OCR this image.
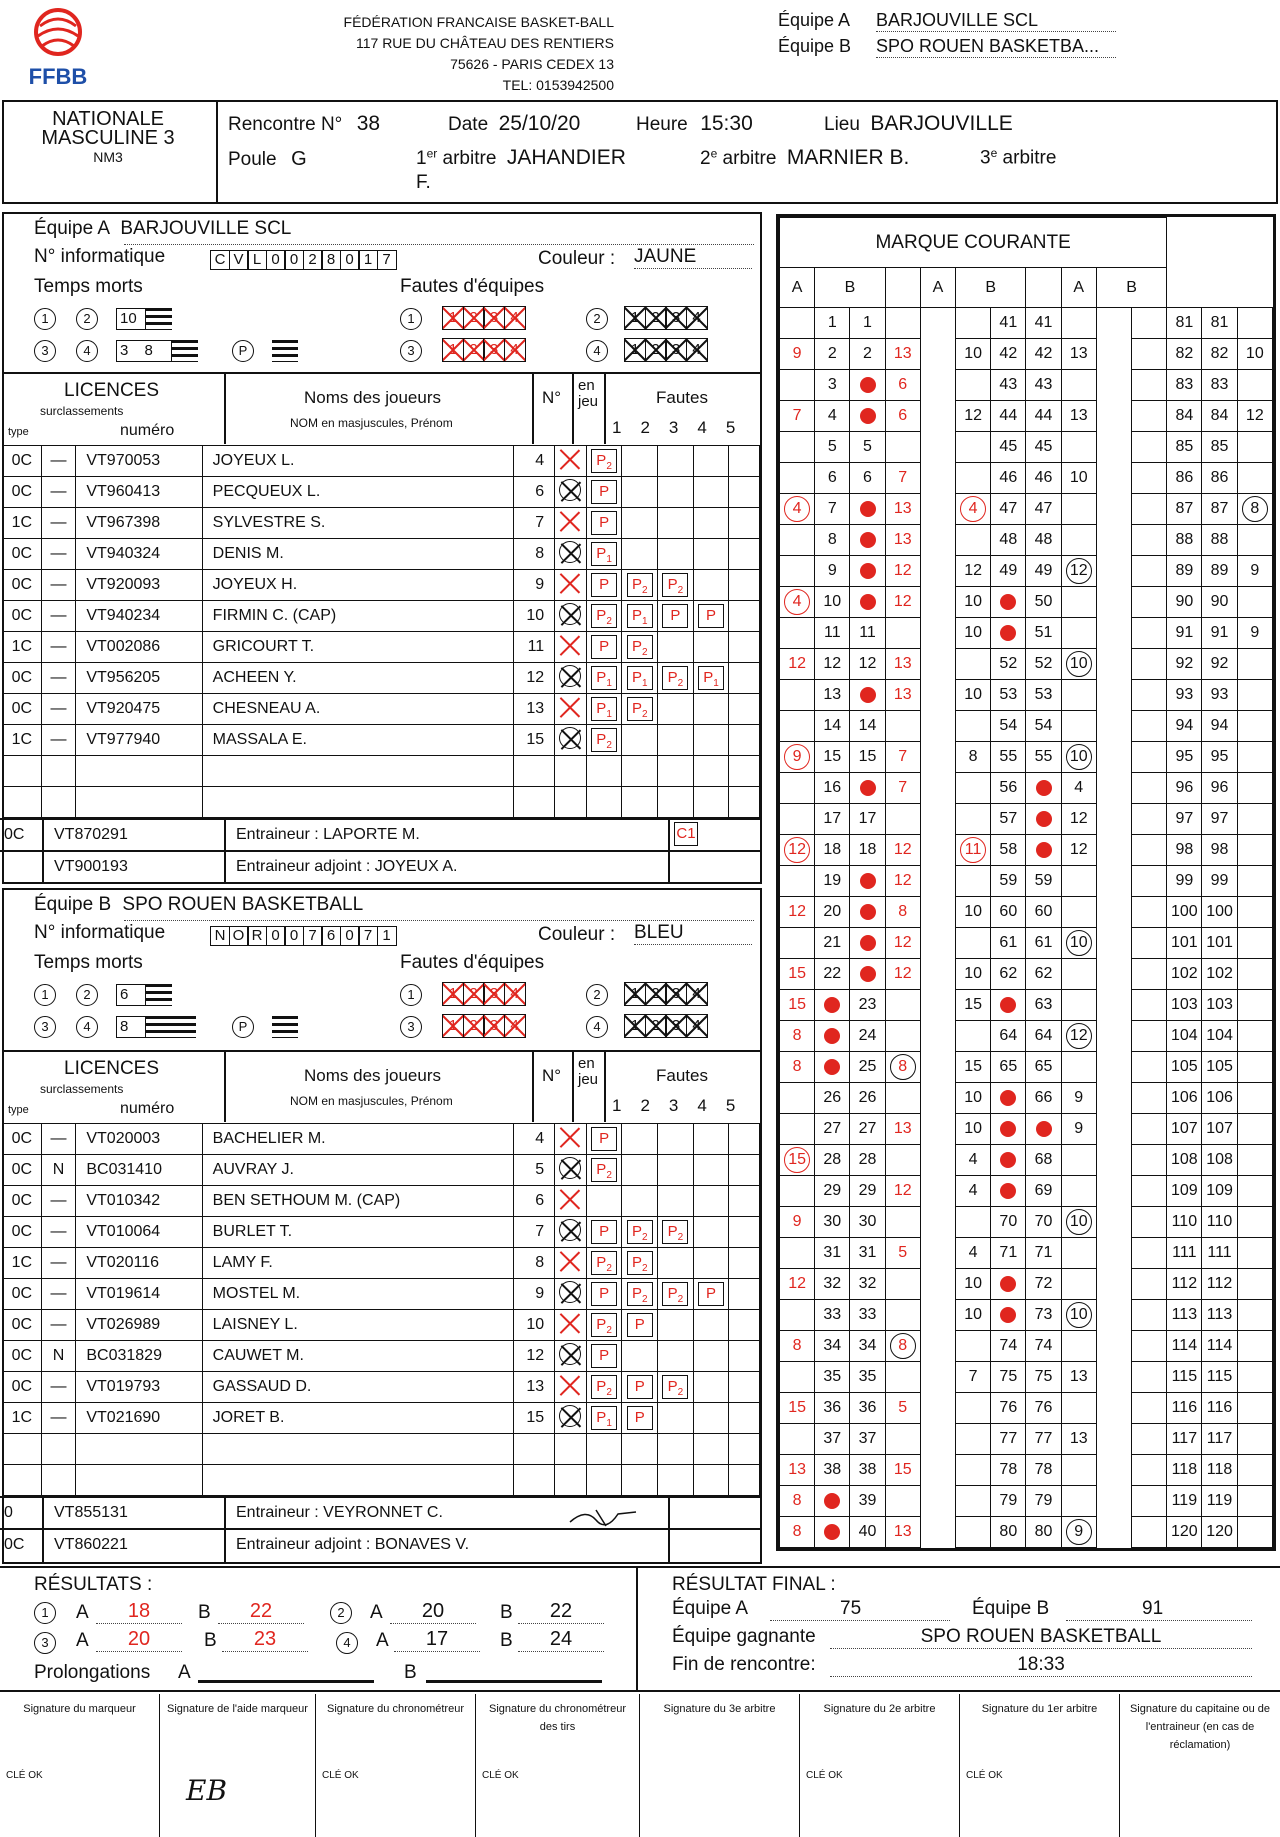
FFBB
FÉDÉRATION FRANCAISE BASKET-BALL
117 RUE DU CHÂTEAU DES RENTIERS
75626 - PARIS CEDEX 13
TEL: 0153942500
Équipe A BARJOUVILLE SCL
Équipe B SPO ROUEN BASKETBA...
NATIONALE
MASCULINE 3
NM3
Rencontre N° 38	Date 25/10/20	Heure 15:30	Lieu BARJOUVILLE
Poule G	1er arbitre JAHANDIER
F.
2e arbitre MARNIER B.	3e arbitre
Équipe A BARJOUVILLE SCL
N° informatique	C V L 0 0 2 8 0 1 7	Couleur : JAUNE
Temps morts	Fautes d'équipes
1	2	10
3	4	3 8	P
1	1 2 3 4	2	1 2 3 4
3	1 2 3 4	4	1 2 3 4
LICENCES
surclassements
type	numéro
Noms des joueurs
NOM en masjuscules, Prénom
N°
en jeu	Fautes
12345
0C	—	VT970053	JOYEUX L.	4		$P_2$				
0C	—	VT960413	PECQUEUX L.	6		P				
1C	—	VT967398	SYLVESTRE S.	7		P				
0C	—	VT940324	DENIS M.	8		$P_1$				
0C	—	VT920093	JOYEUX H.	9		P	$P_2$	$P_2$		
0C	—	VT940234	FIRMIN C. (CAP)	10		$P_2$	$P_1$	P	P	
1C	—	VT002086	GRICOURT T.	11		P	$P_2$			
0C	—	VT956205	ACHEEN Y.	12		$P_1$	$P_1$	$P_2$	$P_1$	
0C	—	VT920475	CHESNEAU A.	13		$P_1$	$P_2$			
1C	—	VT977940	MASSALA E.	15		$P_2$				

0C VT870291	Entraineur : LAPORTE M.	C1
VT900193	Entraineur adjoint : JOYEUX A.
Équipe B SPO ROUEN BASKETBALL
N° informatique	N O R 0 0 7 6 0 7 1	Couleur : BLEU
Temps morts	Fautes d'équipes
1	2	6
3	4	8	P
1	1 2 3 4	2	1 2 3 4
3	1 2 3 4	4	1 2 3 4
LICENCES
surclassements
type	numéro
Noms des joueurs
NOM en masjuscules, Prénom
N°
en jeu	Fautes
12345
0C	—	VT020003	BACHELIER M.	4		P				
0C	N	BC031410	AUVRAY J.	5		$P_2$				
0C	—	VT010342	BEN SETHOUM M. (CAP)	6						
0C	—	VT010064	BURLET T.	7		P	$P_2$	$P_2$		
1C	—	VT020116	LAMY F.	8		$P_2$	$P_2$			
0C	—	VT019614	MOSTEL M.	9		P	$P_2$	$P_2$	P	
0C	—	VT026989	LAISNEY L.	10		$P_2$	P			
0C	N	BC031829	CAUWET M.	12		P				
0C	—	VT019793	GASSAUD D.	13		$P_2$	P	$P_2$		
1C	—	VT021690	JORET B.	15		$P_1$	P			

0	VT855131	Entraineur : VEYRONNET C.
0C VT860221	Entraineur adjoint : BONAVES V.
MARQUE COURANTE													
A	B			A	B			A	B				
	1	1				41	41				81	81	
9	2	2	13		10	42	42	13			82	82	10
	3		6			43	43				83	83	
7	4		6		12	44	44	13			84	84	12
	5	5				45	45				85	85	
	6	6	7			46	46	10			86	86	
4	7		13		4	47	47				87	87	8
	8		13			48	48				88	88	
	9		12		12	49	49	12			89	89	9
4	10		12		10		50				90	90	
	11	11			10		51				91	91	9
12	12	12	13			52	52	10			92	92	
	13		13		10	53	53				93	93	
	14	14				54	54				94	94	
9	15	15	7		8	55	55	10			95	95	
	16		7			56		4			96	96	
	17	17				57		12			97	97	
12	18	18	12		11	58		12			98	98	
	19		12			59	59				99	99	
12	20		8		10	60	60				100	100	
	21		12			61	61	10			101	101	
15	22		12		10	62	62				102	102	
15		23			15		63				103	103	
8		24				64	64	12			104	104	
8		25	8		15	65	65				105	105	
	26	26			10		66	9			106	106	
	27	27	13		10			9			107	107	
15	28	28			4		68				108	108	
	29	29	12		4		69				109	109	
9	30	30				70	70	10			110	110	
	31	31	5		4	71	71				111	111	
12	32	32			10		72				112	112	
	33	33			10		73	10			113	113	
8	34	34	8			74	74				114	114	
	35	35			7	75	75	13			115	115	
15	36	36	5			76	76				116	116	
	37	37				77	77	13			117	117	
13	38	38	15			78	78				118	118	
8		39				79	79				119	119	
8		40	13			80	80	9			120	120	
RÉSULTATS :
1	A	18	B	22	2	A	20	B	22
3	A	20	B	23	4	A	17	B	24
Prolongations A	B
RÉSULTAT FINAL :
Équipe A	75	Équipe B	91
Équipe gagnante	SPO ROUEN BASKETBALL
Fin de rencontre:	18:33
Signature du marqueur
CLÉ OK
Signature de l'aide marqueur
EB
Signature du chronométreur
CLÉ OK
Signature du chronométreur des tirs
CLÉ OK
Signature du 3e arbitre	Signature du 2e arbitre
CLÉ OK
Signature du 1er arbitre
CLÉ OK
Signature du capitaine ou de l'entraineur (en cas de réclamation)
